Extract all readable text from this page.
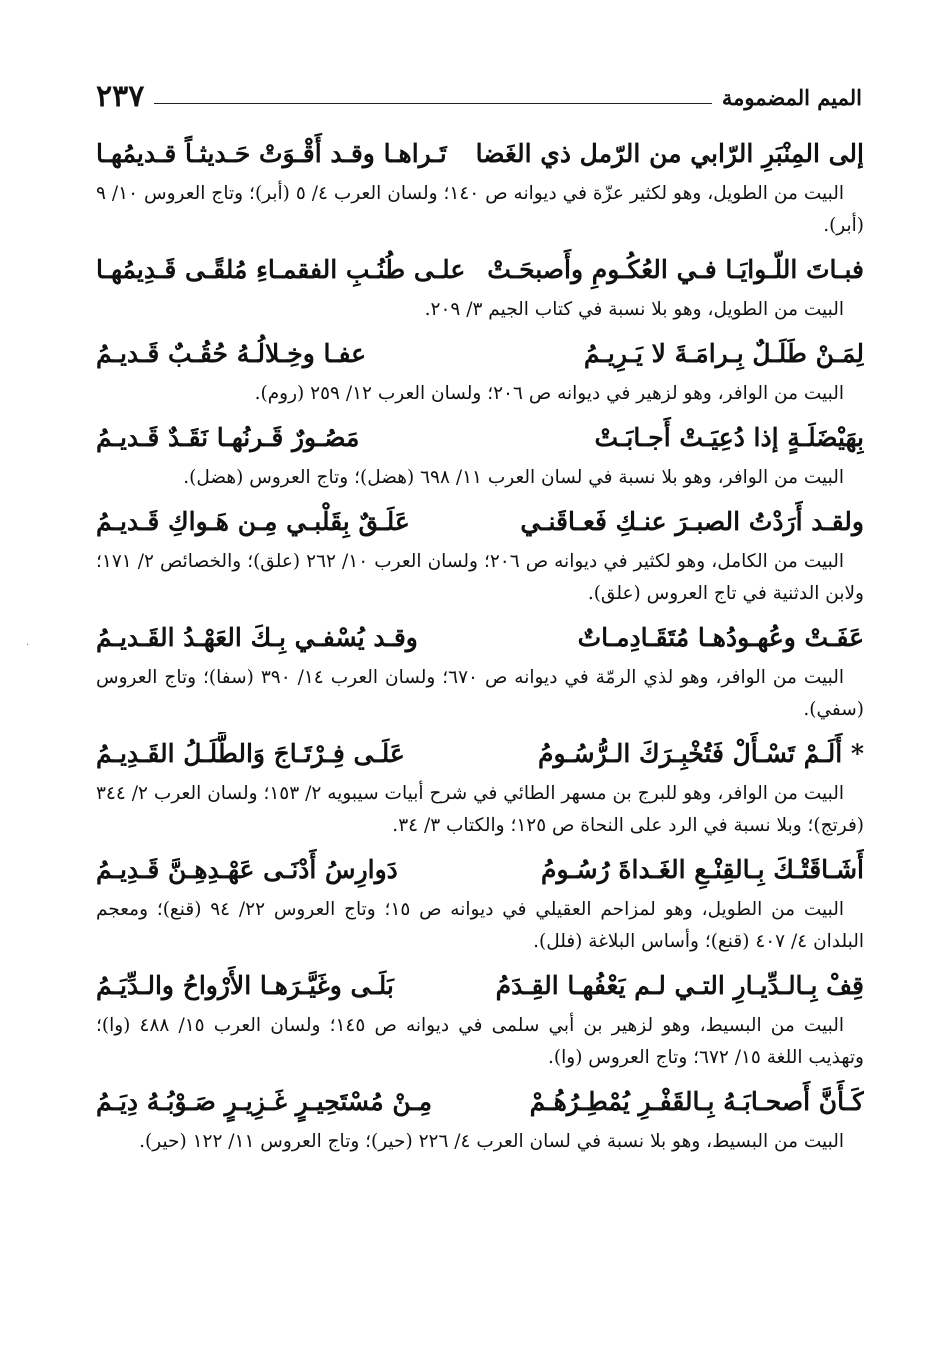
·
الميم المضمومة
٢٣٧
إلى المِنْبَرِ الرّابي من الرّمل ذي الغَضا
تَـراهـا وقـد أَقْـوَتْ حَـديثـاً قـديمُهـا
البيت من الطويل، وهو لكثير عزّة في ديوانه ص ١٤٠؛ ولسان العرب ٤/ ٥ (أبر)؛ وتاج العروس ١٠/ ٩ (أبر).
فبـاتَ اللّـوايَـا فـي العُكُـومِ وأَصبحَـتْ
علـى طُنُـبِ الفقمـاءِ مُلقًـى قَـدِيمُهـا
البيت من الطويل، وهو بلا نسبة في كتاب الجيم ٣/ ٢٠٩.
لِمَـنْ طَلَـلٌ بِـرامَـةَ لا يَـرِيـمُ
عفـا وخِـلالُـهُ حُقُـبٌ قَـديـمُ
البيت من الوافر، وهو لزهير في ديوانه ص ٢٠٦؛ ولسان العرب ١٢/ ٢٥٩ (روم).
بِهَيْضَلَـةٍ إذا دُعِيَـتْ أَجـابَـتْ
مَصُـورٌ قَـرنُهـا نَقَـدٌ قَـديـمُ
البيت من الوافر، وهو بلا نسبة في لسان العرب ١١/ ٦٩٨ (هضل)؛ وتاج العروس (هضل).
ولقـد أَرَدْتُ الصبـرَ عنـكِ فَعـاقَنـي
عَلَـقٌ بِقَلْبـي مِـن هَـواكِ قَـديـمُ
البيت من الكامل، وهو لكثير في ديوانه ص ٢٠٦؛ ولسان العرب ١٠/ ٢٦٢ (علق)؛ والخصائص ٢/ ١٧١؛ ولابن الدثنية في تاج العروس (علق).
عَفَـتْ وعُهـودُهـا مُتَقَـادِمـاتٌ
وقـد يُسْفـي بِـكَ العَهْـدُ القَـديـمُ
البيت من الوافر، وهو لذي الرمّة في ديوانه ص ٦٧٠؛ ولسان العرب ١٤/ ٣٩٠ (سفا)؛ وتاج العروس (سفي).
* أَلَـمْ تَسْـأَلْ فَتُخْبِـرَكَ الـرُّسُـومُ
عَلَـى فِـرْتَـاجَ وَالطَّلَـلُ القَـدِيـمُ
البيت من الوافر، وهو للبرج بن مسهر الطائي في شرح أبيات سيبويه ٢/ ١٥٣؛ ولسان العرب ٢/ ٣٤٤ (فرتج)؛ وبلا نسبة في الرد على النحاة ص ١٢٥؛ والكتاب ٣/ ٣٤.
أَشَـاقَتْـكَ بِـالقِنْـعِ الغَـداةَ رُسُـومُ
دَوارِسُ أَدْنَـى عَهْـدِهِـنَّ قَـدِيـمُ
البيت من الطويل، وهو لمزاحم العقيلي في ديوانه ص ١٥؛ وتاج العروس ٢٢/ ٩٤ (قنع)؛ ومعجم البلدان ٤/ ٤٠٧ (قنع)؛ وأساس البلاغة (فلل).
قِفْ بِـالـدِّيـارِ التـي لـم يَعْفُهـا القِـدَمُ
بَلَـى وغَيَّـرَهـا الأَرْواحُ والـدِّيَـمُ
البيت من البسيط، وهو لزهير بن أبي سلمى في ديوانه ص ١٤٥؛ ولسان العرب ١٥/ ٤٨٨ (وا)؛ وتهذيب اللغة ١٥/ ٦٧٢؛ وتاج العروس (وا).
كَـأَنَّ أَصحـابَـهُ بِـالقَفْـرِ يُمْطِـرُهُـمْ
مِـنْ مُسْتَحِيـرٍ غَـزِيـرٍ صَـوْبُـهُ دِيَـمُ
البيت من البسيط، وهو بلا نسبة في لسان العرب ٤/ ٢٢٦ (حير)؛ وتاج العروس ١١/ ١٢٢ (حير).
